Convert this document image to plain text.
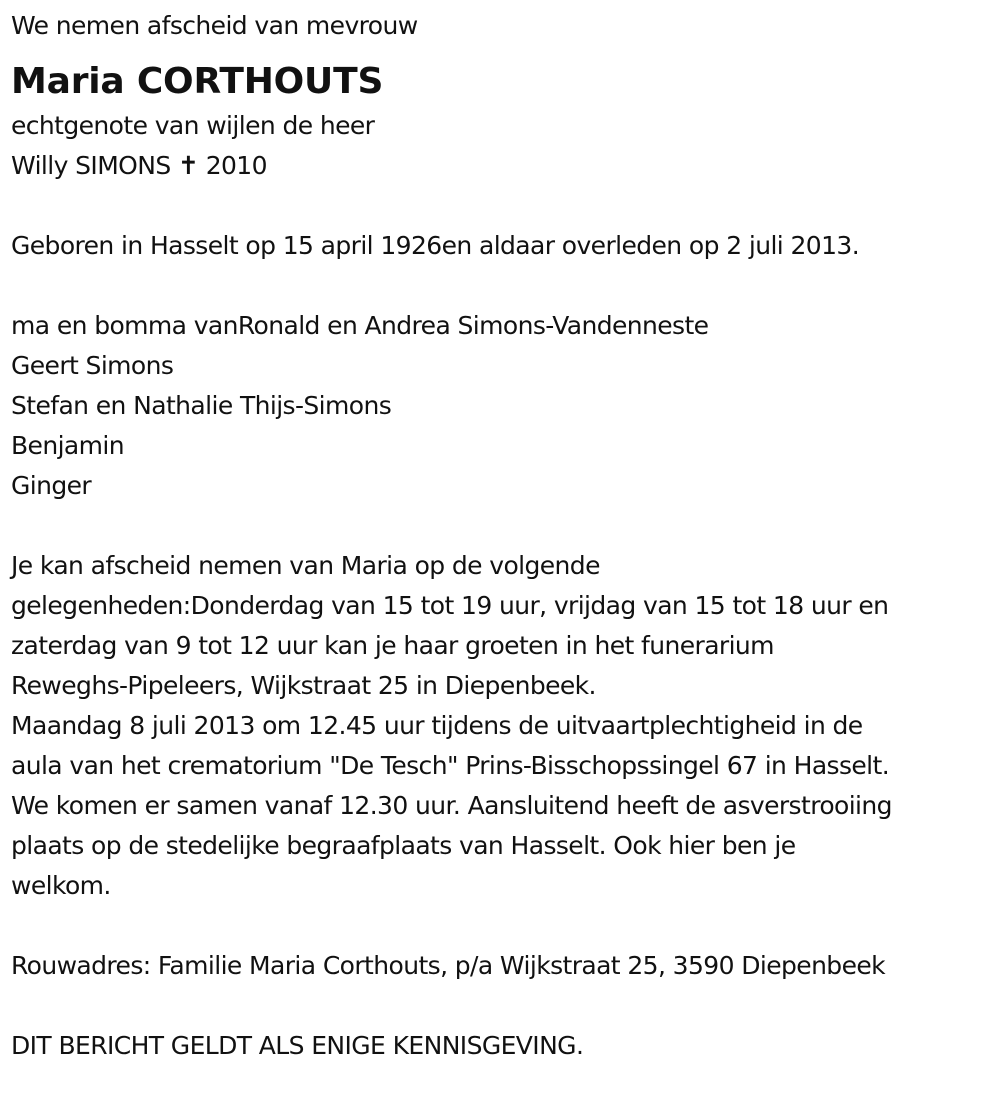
We nemen afscheid van mevrouw
Maria CORTHOUTS
echtgenote van wijlen de heer
Willy SIMONS ✝ 2010
Geboren in Hasselt op 15 april 1926en aldaar overleden op 2 juli 2013.
ma en bomma vanRonald en Andrea Simons-Vandenneste
Geert Simons
Stefan en Nathalie Thijs-Simons
Benjamin
Ginger
Je kan afscheid nemen van Maria op de volgende
gelegenheden:Donderdag van 15 tot 19 uur, vrijdag van 15 tot 18 uur en
zaterdag van 9 tot 12 uur kan je haar groeten in het funerarium
Reweghs-Pipeleers, Wijkstraat 25 in Diepenbeek.
Maandag 8 juli 2013 om 12.45 uur tijdens de uitvaartplechtigheid in de
aula van het crematorium "De Tesch" Prins-Bisschopssingel 67 in Hasselt.
We komen er samen vanaf 12.30 uur. Aansluitend heeft de asverstrooiing
plaats op de stedelijke begraafplaats van Hasselt. Ook hier ben je
welkom.
Rouwadres: Familie Maria Corthouts, p/a Wijkstraat 25, 3590 Diepenbeek
DIT BERICHT GELDT ALS ENIGE KENNISGEVING.
